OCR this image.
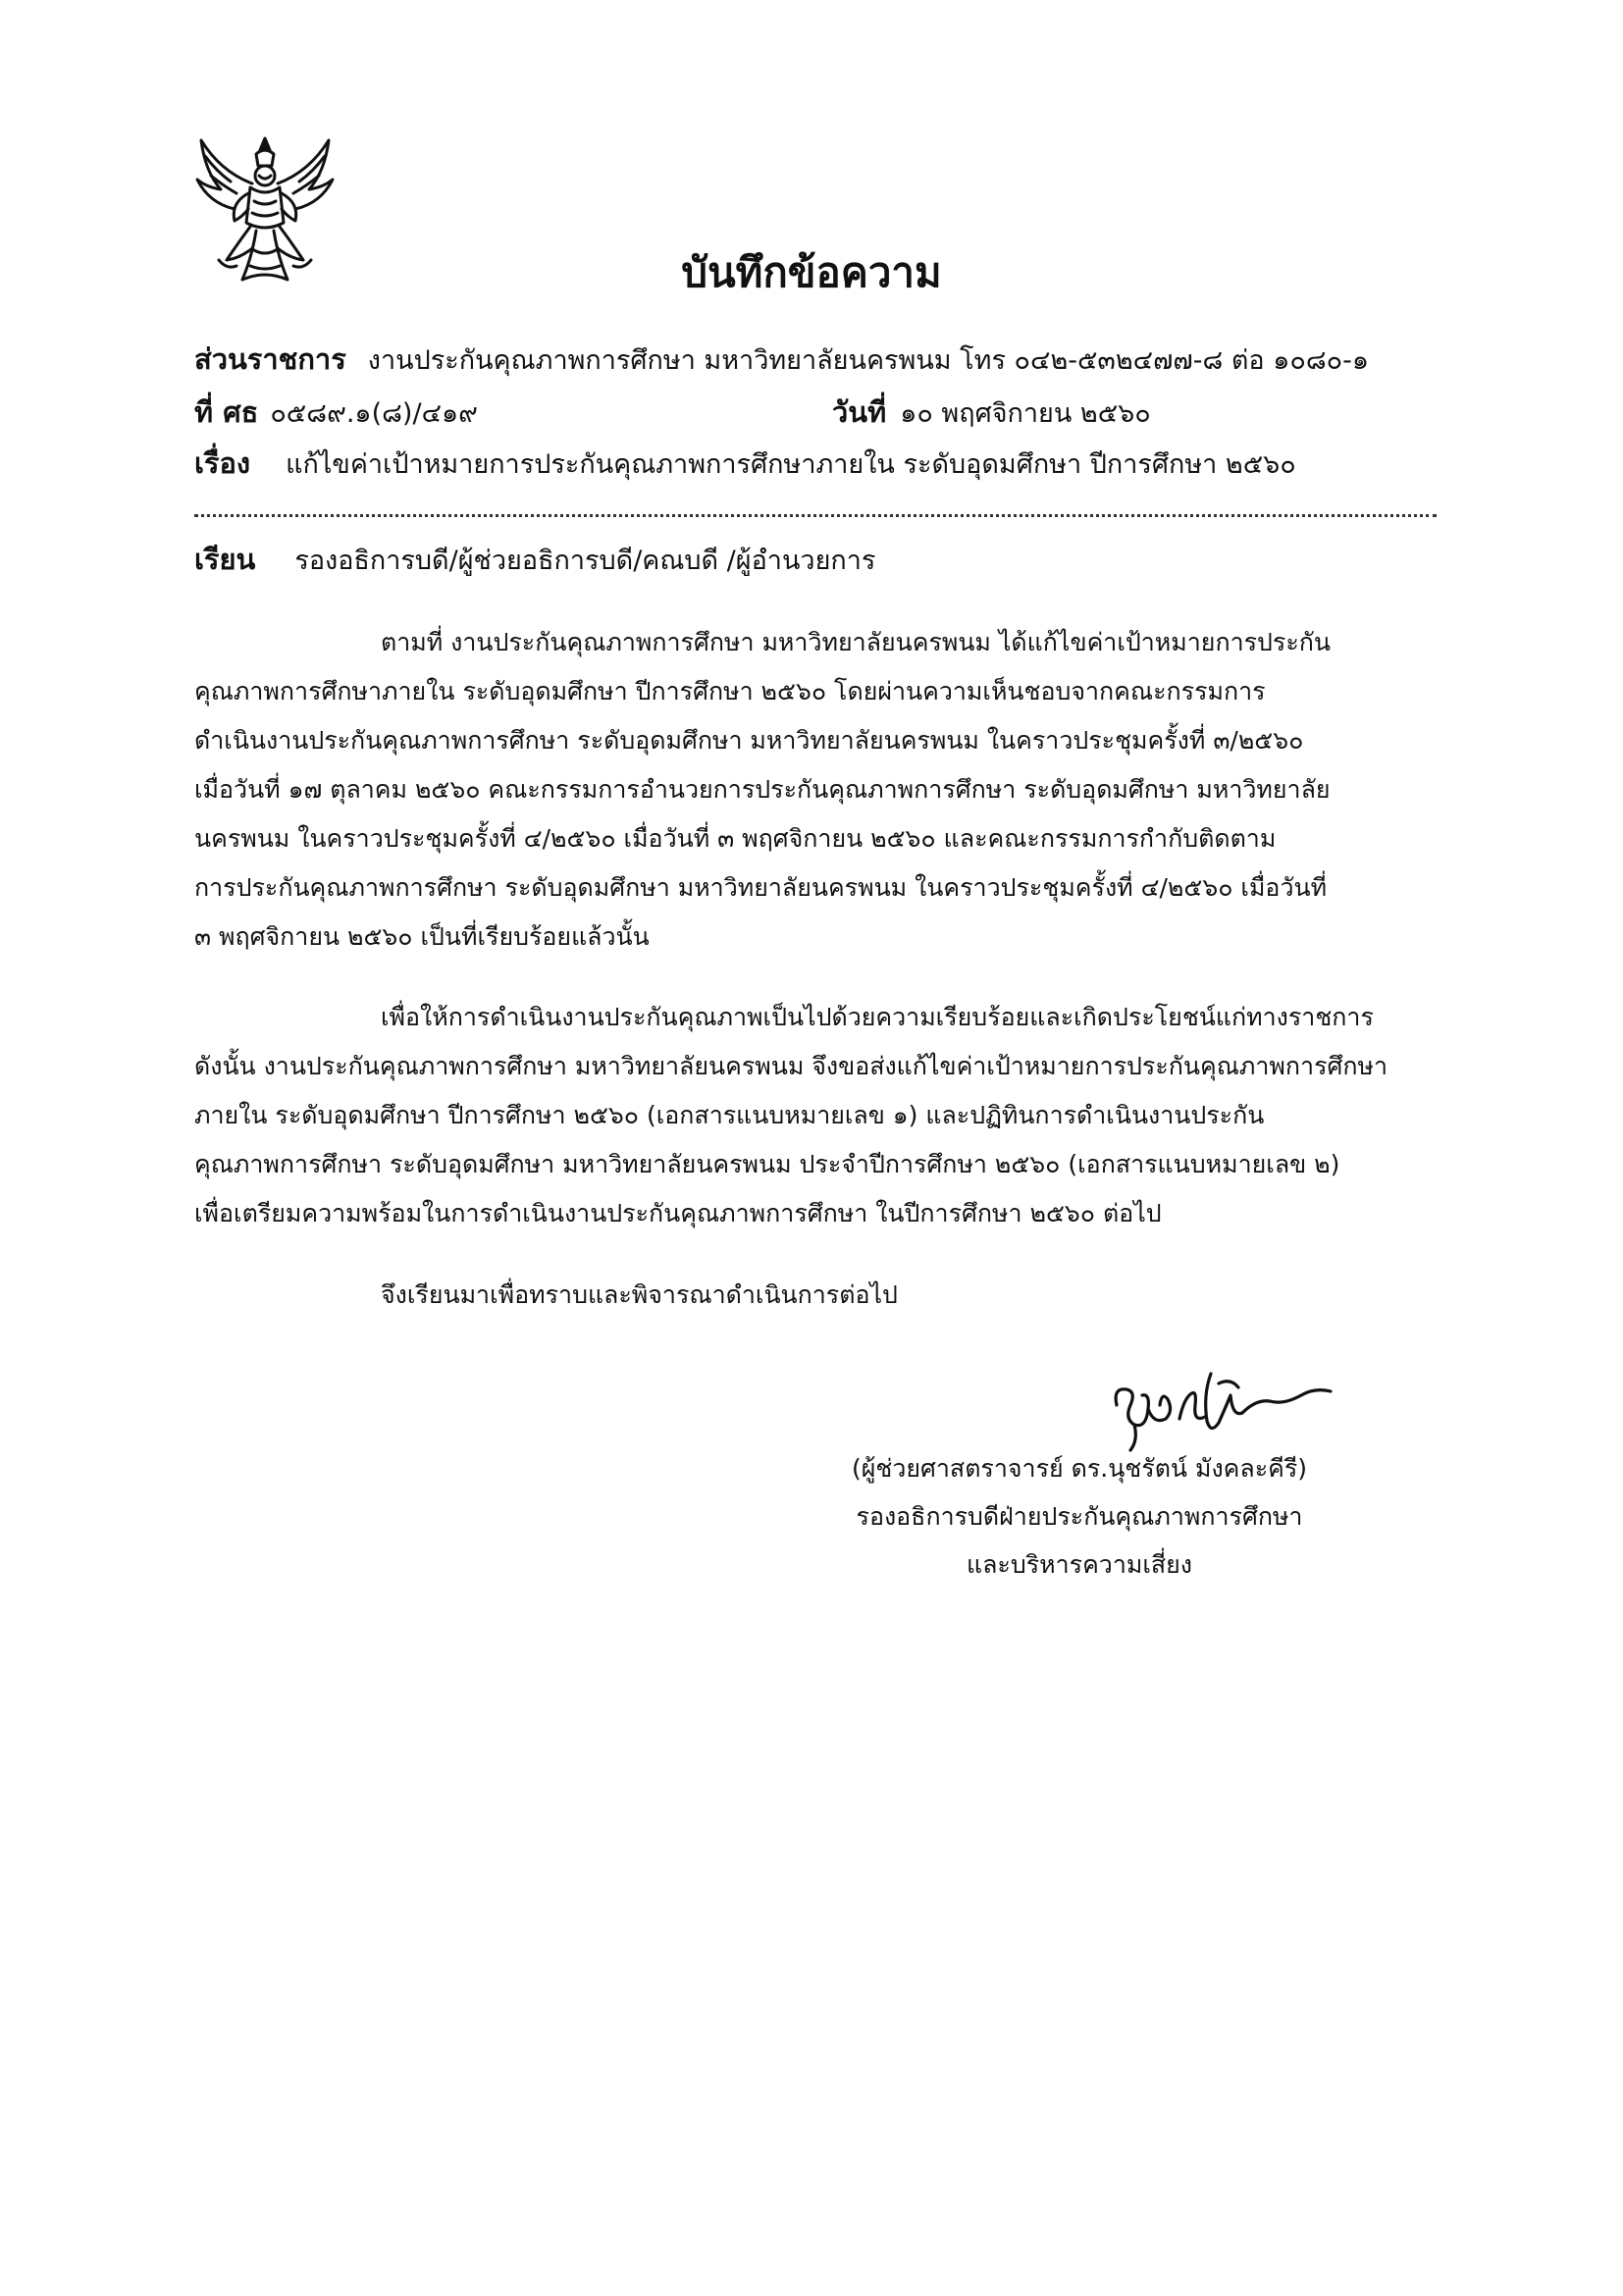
บันทึกข้อความ
ส่วนราชการ งานประกันคุณภาพการศึกษา มหาวิทยาลัยนครพนม โทร ๐๔๒-๕๓๒๔๗๗-๘ ต่อ ๑๐๘๐-๑
ที่ ศธ ๐๕๘๙.๑(๘)/๔๑๙	วันที่ ๑๐ พฤศจิกายน ๒๕๖๐
เรื่อง แก้ไขค่าเป้าหมายการประกันคุณภาพการศึกษาภายใน ระดับอุดมศึกษา ปีการศึกษา ๒๕๖๐
เรียน รองอธิการบดี/ผู้ช่วยอธิการบดี/คณบดี /ผู้อำนวยการ
ตามที่ งานประกันคุณภาพการศึกษา มหาวิทยาลัยนครพนม ได้แก้ไขค่าเป้าหมายการประกัน
คุณภาพการศึกษาภายใน ระดับอุดมศึกษา ปีการศึกษา ๒๕๖๐ โดยผ่านความเห็นชอบจากคณะกรรมการ
ดำเนินงานประกันคุณภาพการศึกษา ระดับอุดมศึกษา มหาวิทยาลัยนครพนม ในคราวประชุมครั้งที่ ๓/๒๕๖๐
เมื่อวันที่ ๑๗ ตุลาคม ๒๕๖๐ คณะกรรมการอำนวยการประกันคุณภาพการศึกษา ระดับอุดมศึกษา มหาวิทยาลัย
นครพนม ในคราวประชุมครั้งที่ ๔/๒๕๖๐ เมื่อวันที่ ๓ พฤศจิกายน ๒๕๖๐ และคณะกรรมการกำกับติดตาม
การประกันคุณภาพการศึกษา ระดับอุดมศึกษา มหาวิทยาลัยนครพนม ในคราวประชุมครั้งที่ ๔/๒๕๖๐ เมื่อวันที่
๓ พฤศจิกายน ๒๕๖๐ เป็นที่เรียบร้อยแล้วนั้น
เพื่อให้การดำเนินงานประกันคุณภาพเป็นไปด้วยความเรียบร้อยและเกิดประโยชน์แก่ทางราชการ
ดังนั้น งานประกันคุณภาพการศึกษา มหาวิทยาลัยนครพนม จึงขอส่งแก้ไขค่าเป้าหมายการประกันคุณภาพการศึกษา
ภายใน ระดับอุดมศึกษา ปีการศึกษา ๒๕๖๐ (เอกสารแนบหมายเลข ๑) และปฏิทินการดำเนินงานประกัน
คุณภาพการศึกษา ระดับอุดมศึกษา มหาวิทยาลัยนครพนม ประจำปีการศึกษา ๒๕๖๐ (เอกสารแนบหมายเลข ๒)
เพื่อเตรียมความพร้อมในการดำเนินงานประกันคุณภาพการศึกษา ในปีการศึกษา ๒๕๖๐ ต่อไป
จึงเรียนมาเพื่อทราบและพิจารณาดำเนินการต่อไป
(ผู้ช่วยศาสตราจารย์ ดร.นุชรัตน์ มังคละคีรี)
รองอธิการบดีฝ่ายประกันคุณภาพการศึกษา
และบริหารความเสี่ยง
